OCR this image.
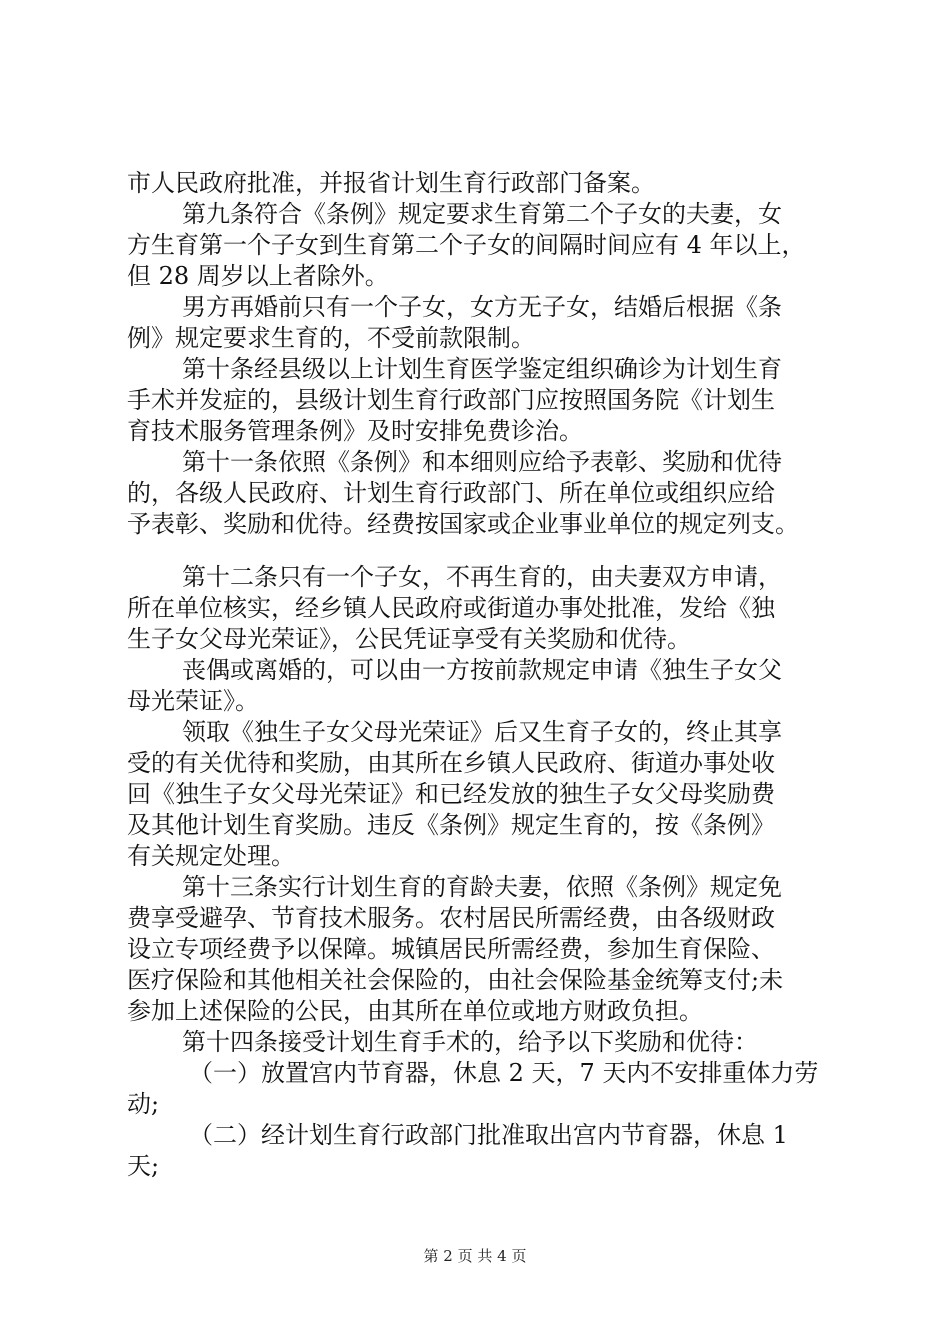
市人民政府批准，并报省计划生育行政部门备案。
第九条符合《条例》规定要求生育第二个子女的夫妻，女
方生育第一个子女到生育第二个子女的间隔时间应有 4 年以上，
但 28 周岁以上者除外。
男方再婚前只有一个子女，女方无子女，结婚后根据《条
例》规定要求生育的，不受前款限制。
第十条经县级以上计划生育医学鉴定组织确诊为计划生育
手术并发症的，县级计划生育行政部门应按照国务院《计划生
育技术服务管理条例》及时安排免费诊治。
第十一条依照《条例》和本细则应给予表彰、奖励和优待
的，各级人民政府、计划生育行政部门、所在单位或组织应给
予表彰、奖励和优待。经费按国家或企业事业单位的规定列支。
第十二条只有一个子女，不再生育的，由夫妻双方申请，
所在单位核实，经乡镇人民政府或街道办事处批准，发给《独
生子女父母光荣证》，公民凭证享受有关奖励和优待。
丧偶或离婚的，可以由一方按前款规定申请《独生子女父
母光荣证》。
领取《独生子女父母光荣证》后又生育子女的，终止其享
受的有关优待和奖励，由其所在乡镇人民政府、街道办事处收
回《独生子女父母光荣证》和已经发放的独生子女父母奖励费
及其他计划生育奖励。违反《条例》规定生育的，按《条例》
有关规定处理。
第十三条实行计划生育的育龄夫妻，依照《条例》规定免
费享受避孕、节育技术服务。农村居民所需经费，由各级财政
设立专项经费予以保障。城镇居民所需经费，参加生育保险、
医疗保险和其他相关社会保险的，由社会保险基金统筹支付;未
参加上述保险的公民，由其所在单位或地方财政负担。
第十四条接受计划生育手术的，给予以下奖励和优待：
（一）放置宫内节育器，休息 2 天，7 天内不安排重体力劳
动;
（二）经计划生育行政部门批准取出宫内节育器，休息 1
天;
第 2 页 共 4 页
